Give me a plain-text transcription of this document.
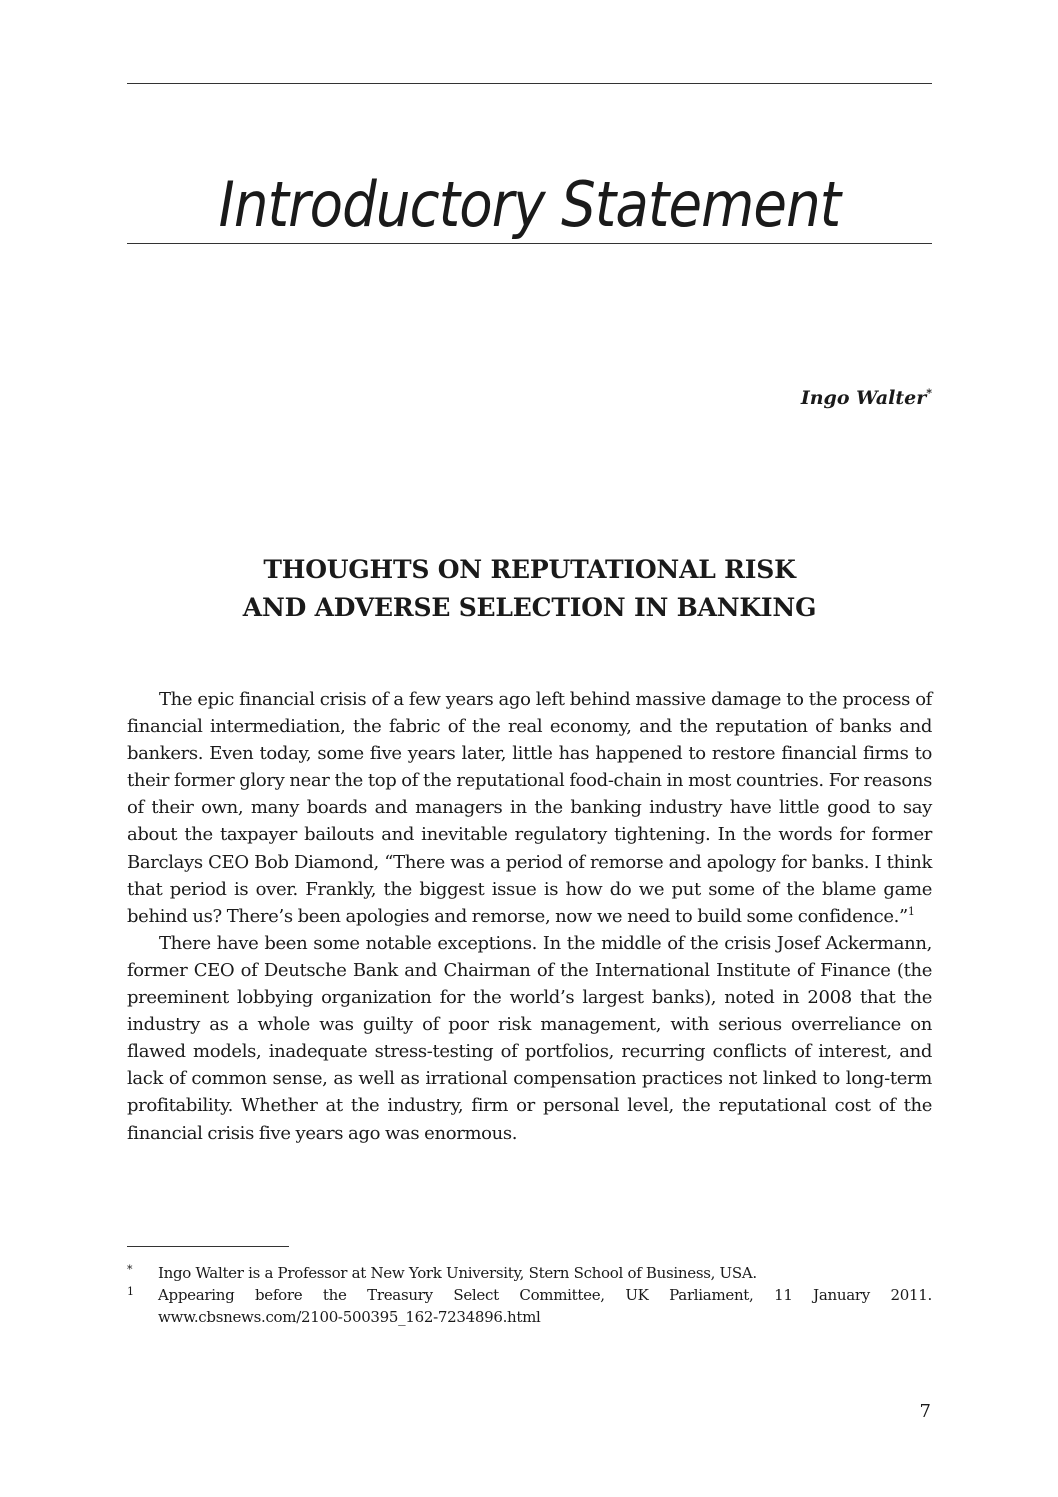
Introductory Statement
Ingo Walter*
THOUGHTS ON REPUTATIONAL RISK
AND ADVERSE SELECTION IN BANKING

The epic financial crisis of a few years ago left behind massive damage to the process of financial intermediation, the fabric of the real economy, and the reputation of banks and bankers. Even today, some five years later, little has happened to restore financial firms to their former glory near the top of the reputational food-chain in most countries. For reasons of their own, many boards and managers in the banking industry have little good to say about the taxpayer bailouts and inevitable regulatory tightening. In the words for former Barclays CEO Bob Diamond, “There was a period of remorse and apology for banks. I think that period is over. Frankly, the biggest issue is how do we put some of the blame game behind us? There’s been apologies and remorse, now we need to build some confidence.”$^1$

There have been some notable exceptions. In the middle of the crisis Josef Ackermann, former CEO of Deutsche Bank and Chairman of the International Institute of Finance (the preeminent lobbying organization for the world’s largest banks), noted in 2008 that the industry as a whole was guilty of poor risk management, with serious overreliance on flawed models, inadequate stress-testing of portfolios, recurring conflicts of interest, and lack of common sense, as well as irrational compensation practices not linked to long-term profitability. Whether at the industry, firm or personal level, the reputational cost of the financial crisis five years ago was enormous.

* Ingo Walter is a Professor at New York University, Stern School of Business, USA.
1 Appearing before the Treasury Select Committee, UK Parliament, 11 January 2011. www.cbsnews.com/2100-500395_162-7234896.html
7
